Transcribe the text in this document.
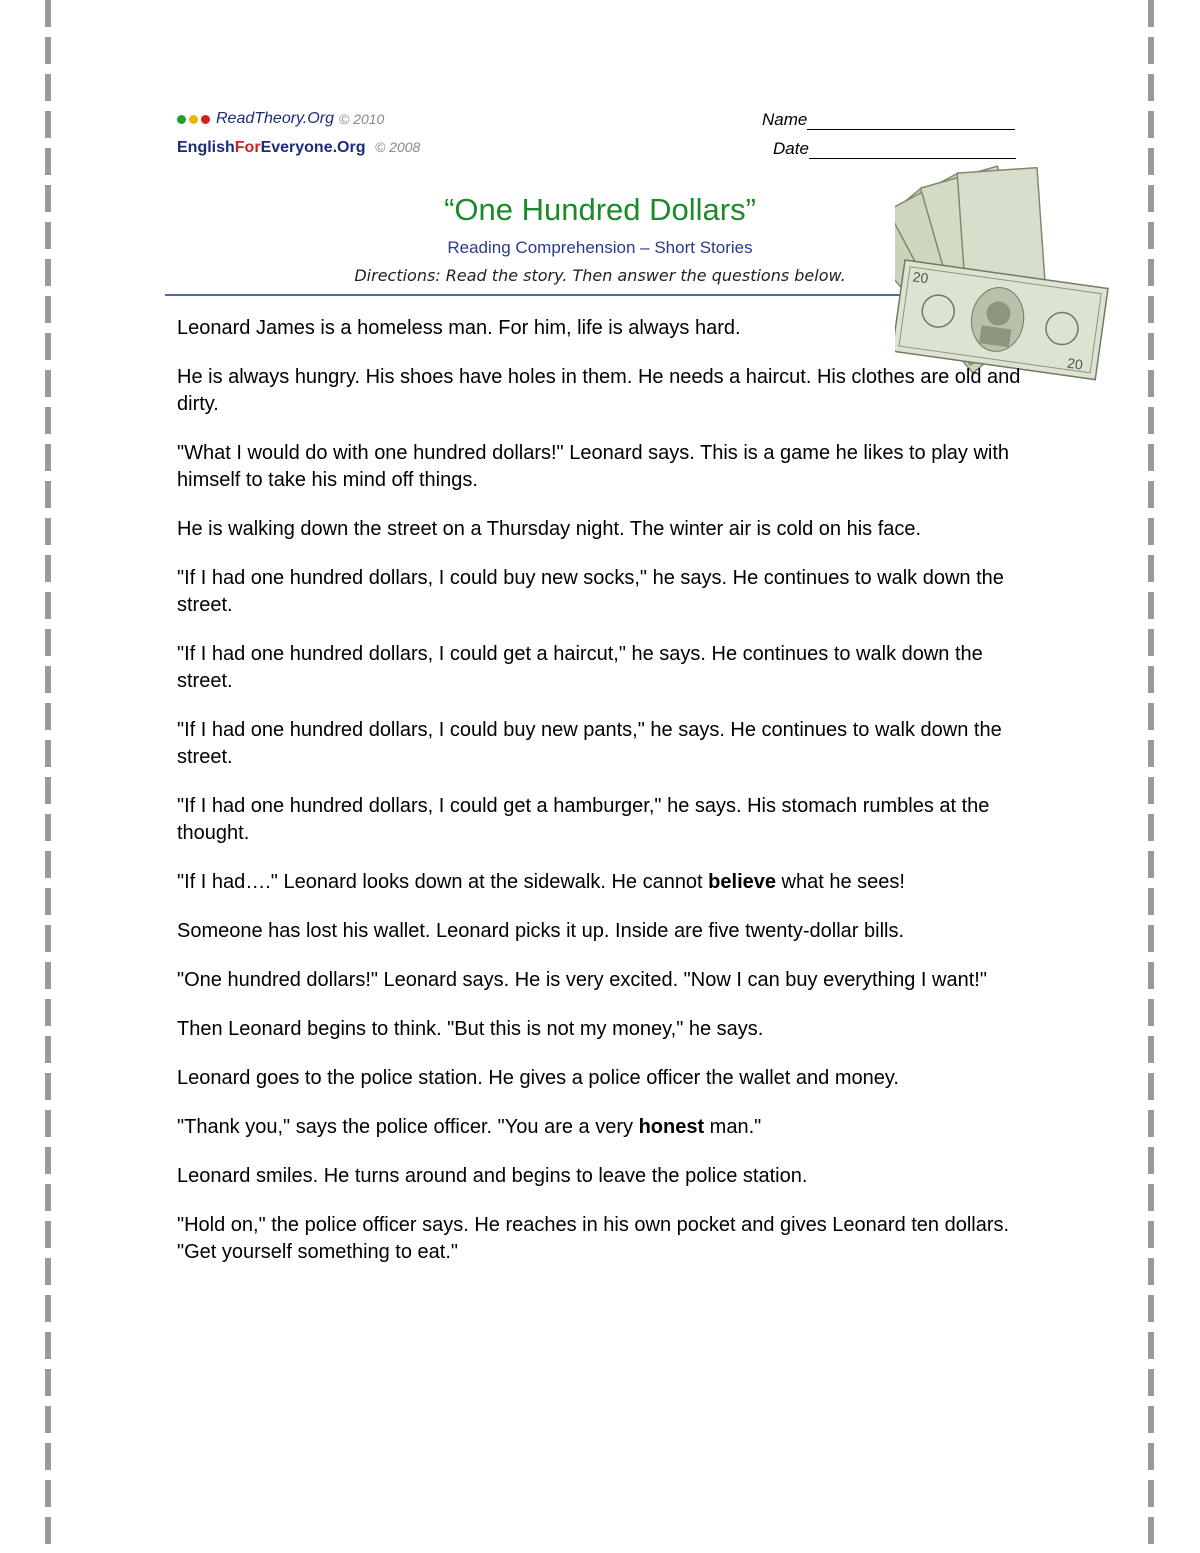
Read Theory.Org © 2010
EnglishForEveryone.Org © 2008
Name
Date
“One Hundred Dollars”
Reading Comprehension – Short Stories
Directions: Read the story. Then answer the questions below.	20
20

Leonard James is a homeless man. For him, life is always hard.

He is always hungry. His shoes have holes in them. He needs a haircut. His clothes are old and dirty.

"What I would do with one hundred dollars!" Leonard says. This is a game he likes to play with himself to take his mind off things.

He is walking down the street on a Thursday night. The winter air is cold on his face.

"If I had one hundred dollars, I could buy new socks," he says. He continues to walk down the street.

"If I had one hundred dollars, I could get a haircut," he says. He continues to walk down the street.

"If I had one hundred dollars, I could buy new pants," he says. He continues to walk down the street.

"If I had one hundred dollars, I could get a hamburger," he says. His stomach rumbles at the thought.

"If I had…." Leonard looks down at the sidewalk. He cannot believe what he sees!

Someone has lost his wallet. Leonard picks it up. Inside are five twenty-dollar bills.

"One hundred dollars!" Leonard says. He is very excited. "Now I can buy everything I want!"

Then Leonard begins to think. "But this is not my money," he says.

Leonard goes to the police station. He gives a police officer the wallet and money.

"Thank you," says the police officer. "You are a very honest man."

Leonard smiles. He turns around and begins to leave the police station.

"Hold on," the police officer says. He reaches in his own pocket and gives Leonard ten dollars. "Get yourself something to eat."
